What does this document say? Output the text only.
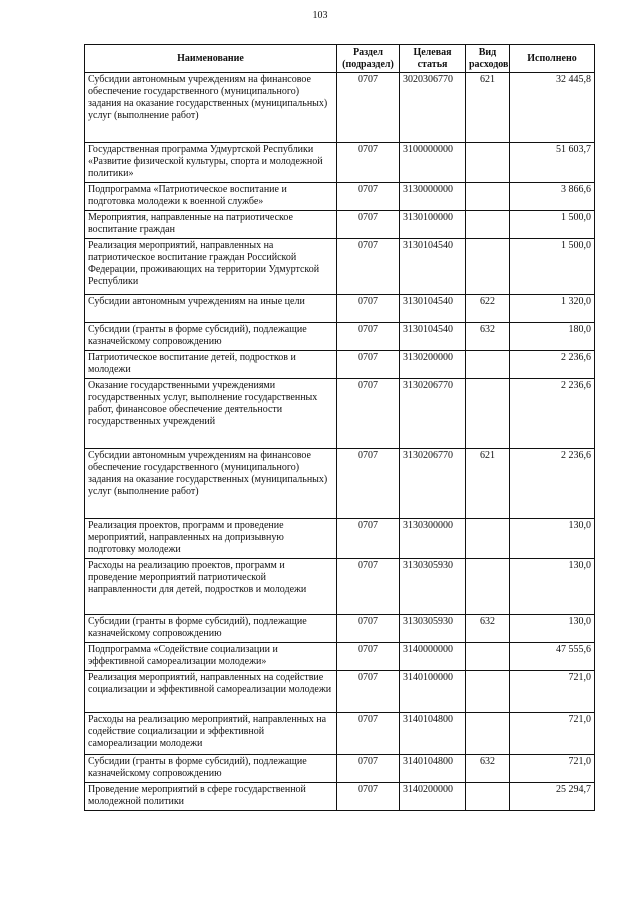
103
Наименование	Раздел (подраздел)	Целевая статья	Вид расходов	Исполнено
Субсидии автономным учреждениям на финансовое обеспечение государственного (муниципального) задания на оказание государственных (муниципальных) услуг (выполнение работ)	0707	3020306770	621	32 445,8
Государственная программа Удмуртской Республики «Развитие физической культуры, спорта и молодежной политики»	0707	3100000000		51 603,7
Подпрограмма «Патриотическое воспитание и подготовка молодежи к военной службе»	0707	3130000000		3 866,6
Мероприятия, направленные на патриотическое воспитание граждан	0707	3130100000		1 500,0
Реализация мероприятий, направленных на патриотическое воспитание граждан Российской Федерации, проживающих на территории Удмуртской Республики	0707	3130104540		1 500,0
Субсидии автономным учреждениям на иные цели	0707	3130104540	622	1 320,0
Субсидии (гранты в форме субсидий), подлежащие казначейскому сопровождению	0707	3130104540	632	180,0
Патриотическое воспитание детей, подростков и молодежи	0707	3130200000		2 236,6
Оказание государственными учреждениями государственных услуг, выполнение государственных работ, финансовое обеспечение деятельности государственных учреждений	0707	3130206770		2 236,6
Субсидии автономным учреждениям на финансовое обеспечение государственного (муниципального) задания на оказание государственных (муниципальных) услуг (выполнение работ)	0707	3130206770	621	2 236,6
Реализация проектов, программ и проведение мероприятий, направленных на допризывную подготовку молодежи	0707	3130300000		130,0
Расходы на реализацию проектов, программ и проведение мероприятий патриотической направленности для детей, подростков и молодежи	0707	3130305930		130,0
Субсидии (гранты в форме субсидий), подлежащие казначейскому сопровождению	0707	3130305930	632	130,0
Подпрограмма «Содействие социализации и эффективной самореализации молодежи»	0707	3140000000		47 555,6
Реализация мероприятий, направленных на содействие социализации и эффективной самореализации молодежи	0707	3140100000		721,0
Расходы на реализацию мероприятий, направленных на содействие социализации и эффективной самореализации молодежи	0707	3140104800		721,0
Субсидии (гранты в форме субсидий), подлежащие казначейскому сопровождению	0707	3140104800	632	721,0
Проведение мероприятий в сфере государственной молодежной политики	0707	3140200000		25 294,7
